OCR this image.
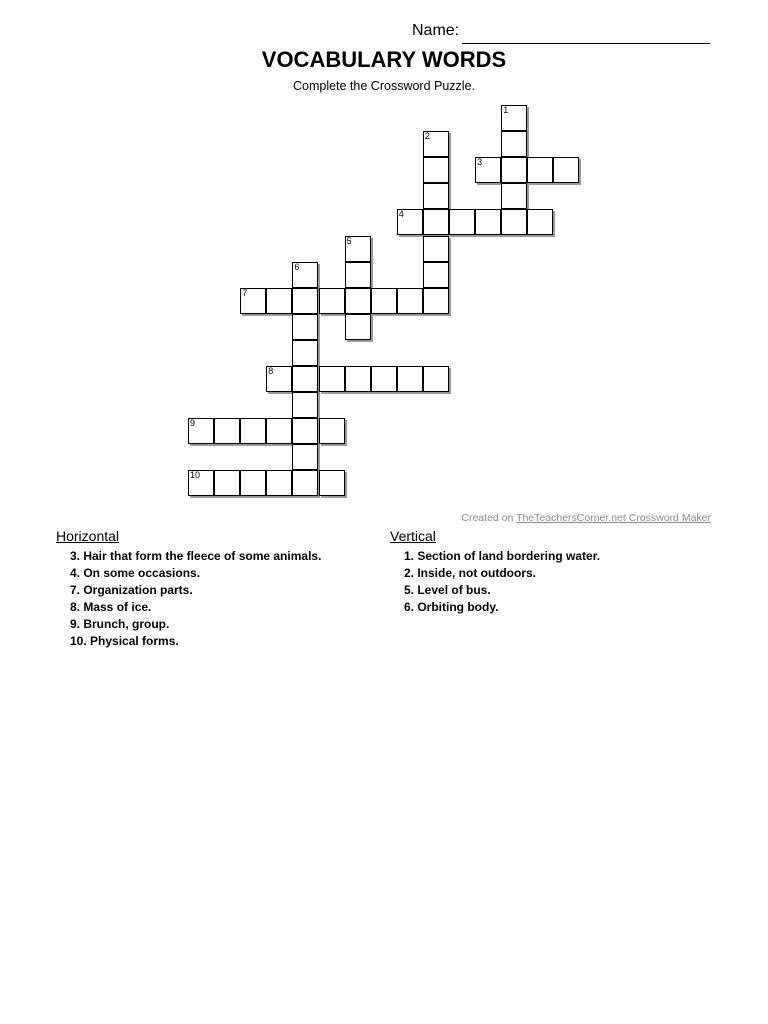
Name:
VOCABULARY WORDS
Complete the Crossword Puzzle.
1
2
3
4
5
6
7
8
9
10
Created on TheTeachersCorner.net Crossword Maker
Horizontal
3. Hair that form the fleece of some animals.
4. On some occasions.
7. Organization parts.
8. Mass of ice.
9. Brunch, group.
10. Physical forms.
Vertical
1. Section of land bordering water.
2. Inside, not outdoors.
5. Level of bus.
6. Orbiting body.
